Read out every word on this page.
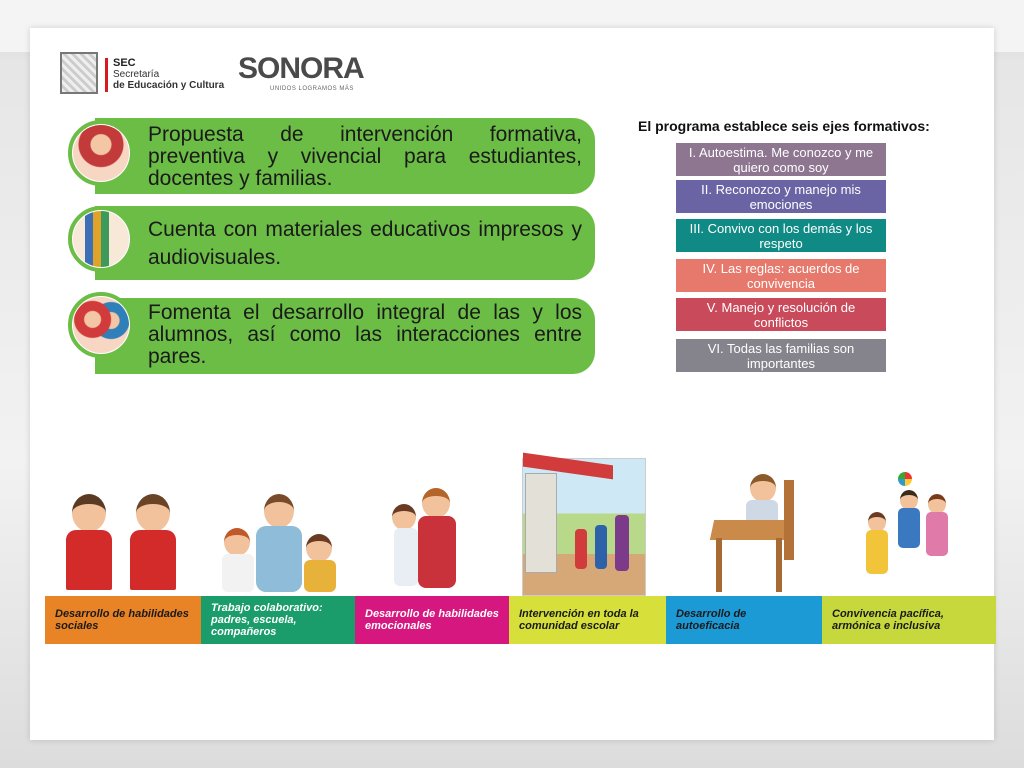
SEC
Secretaría
de Educación y Cultura
SONORA
UNIDOS LOGRAMOS MÁS
Propuesta de intervención formativa, preventiva y vivencial para estudiantes, docentes y familias.
Cuenta con materiales educativos impresos y audiovisuales.
Fomenta el desarrollo integral de las y los alumnos, así como las interacciones entre pares.
El programa establece seis ejes formativos:
I. Autoestima. Me conozco y me quiero como soy
II. Reconozco y manejo mis emociones
III. Convivo con los demás y los respeto
IV. Las reglas: acuerdos de convivencia
V. Manejo y resolución de conflictos
VI. Todas las familias son importantes
Desarrollo de habilidades sociales
Trabajo colaborativo: padres, escuela, compañeros
Desarrollo de habilidades emocionales
Intervención en toda la comunidad escolar
Desarrollo de autoeficacia
Convivencia pacífica, armónica e inclusiva
